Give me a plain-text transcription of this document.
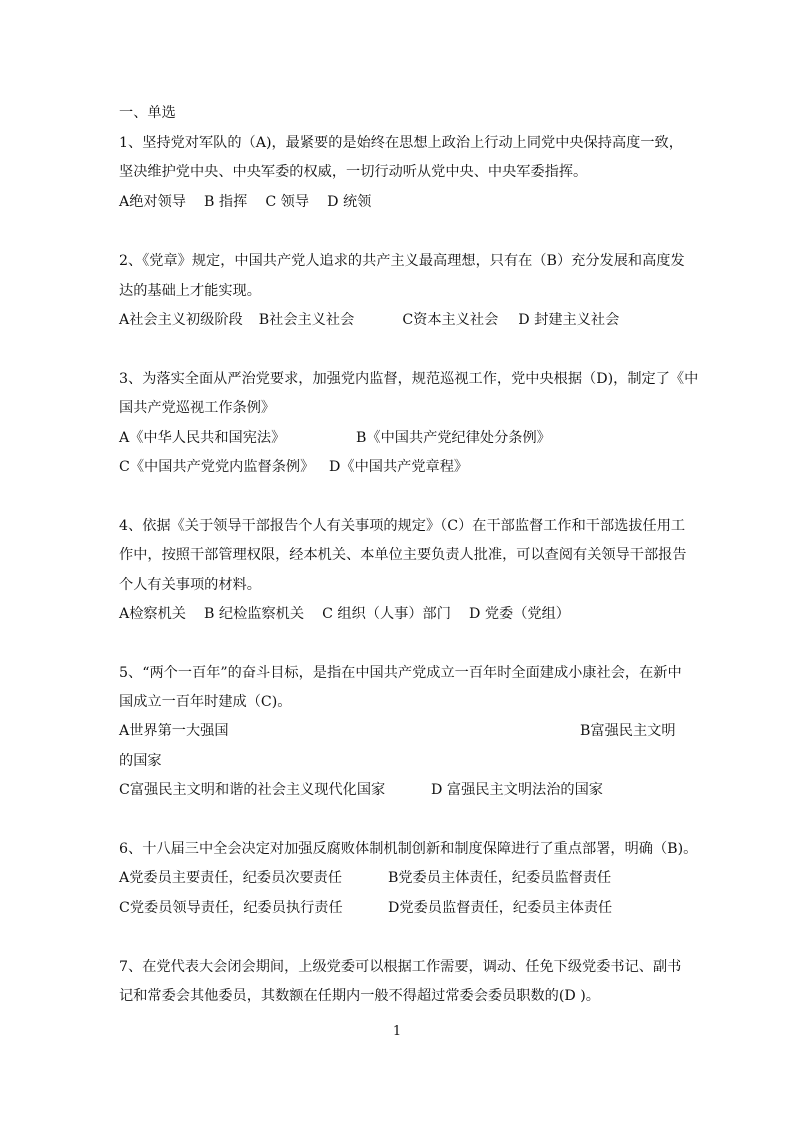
一、单选
1、坚持党对军队的（A)，最紧要的是始终在思想上政治上行动上同党中央保持高度一致，
坚决维护党中央、中央军委的权威，一切行动听从党中央、中央军委指挥。
A绝对领导 B 指挥 C 领导 D 统领
2、《党章》规定，中国共产党人追求的共产主义最高理想，只有在（B）充分发展和高度发
达的基础上才能实现。
A社会主义初级阶段 B社会主义社会	C资本主义社会 D 封建主义社会
3、为落实全面从严治党要求，加强党内监督，规范巡视工作，党中央根据（D)，制定了《中
国共产党巡视工作条例》
A《中华人民共和国宪法》	B《中国共产党纪律处分条例》
C《中国共产党党内监督条例》 D《中国共产党章程》
4、依据《关于领导干部报告个人有关事项的规定》（C）在干部监督工作和干部选拔任用工
作中，按照干部管理权限，经本机关、本单位主要负责人批准，可以查阅有关领导干部报告
个人有关事项的材料。
A检察机关 B 纪检监察机关 C 组织（人事）部门 D 党委（党组）
5、“两个一百年”的奋斗目标，是指在中国共产党成立一百年时全面建成小康社会，在新中
国成立一百年时建成（C)。
A世界第一大强国	B富强民主文明
的国家
C富强民主文明和谐的社会主义现代化国家	D 富强民主文明法治的国家
6、十八届三中全会决定对加强反腐败体制机制创新和制度保障进行了重点部署，明确（B)。
A党委员主要责任，纪委员次要责任	B党委员主体责任，纪委员监督责任
C党委员领导责任，纪委员执行责任	D党委员监督责任，纪委员主体责任
7、在党代表大会闭会期间，上级党委可以根据工作需要，调动、任免下级党委书记、副书
记和常委会其他委员，其数额在任期内一般不得超过常委会委员职数的(D )。
1
